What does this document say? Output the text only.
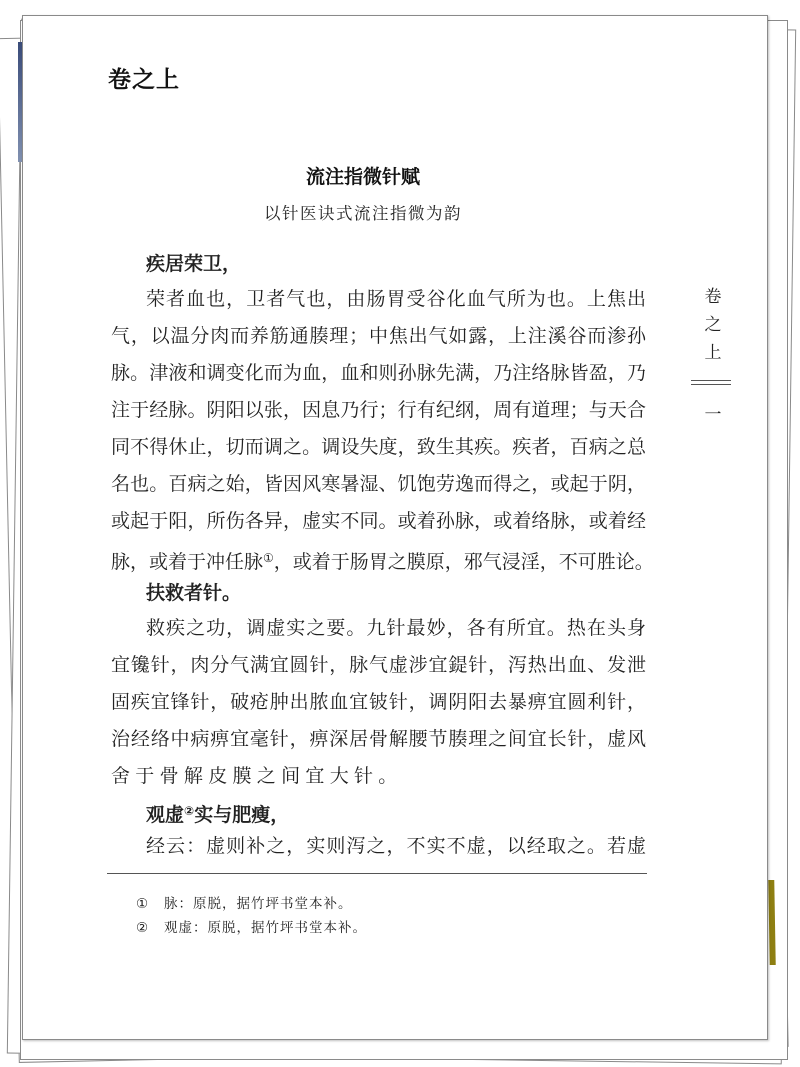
卷之上
流注指微针赋
以针医诀式流注指微为韵
疾居荣卫，
荣者血也，卫者气也，由肠胃受谷化血气所为也。上焦出
气，以温分肉而养筋通腠理；中焦出气如露，上注溪谷而渗孙
脉。津液和调变化而为血，血和则孙脉先满，乃注络脉皆盈，乃
注于经脉。阴阳以张，因息乃行；行有纪纲，周有道理；与天合
同不得休止，切而调之。调设失度，致生其疾。疾者，百病之总
名也。百病之始，皆因风寒暑湿、饥饱劳逸而得之，或起于阴，
或起于阳，所伤各异，虚实不同。或着孙脉，或着络脉，或着经
脉，或着于冲任脉①，或着于肠胃之膜原，邪气浸淫，不可胜论。
扶救者针。
救疾之功，调虚实之要。九针最妙，各有所宜。热在头身
宜镵针，肉分气满宜圆针，脉气虚涉宜鍉针，泻热出血、发泄
固疾宜锋针，破疮肿出脓血宜铍针，调阴阳去暴痹宜圆利针，
治经络中病痹宜毫针，痹深居骨解腰节腠理之间宜长针，虚风
舍于骨解皮膜之间宜大针。
观虚②实与肥瘦，
经云：虚则补之，实则泻之，不实不虚，以经取之。若虚
① 脉：原脱，据竹坪书堂本补。
② 观虚：原脱，据竹坪书堂本补。
卷
之
上
一
